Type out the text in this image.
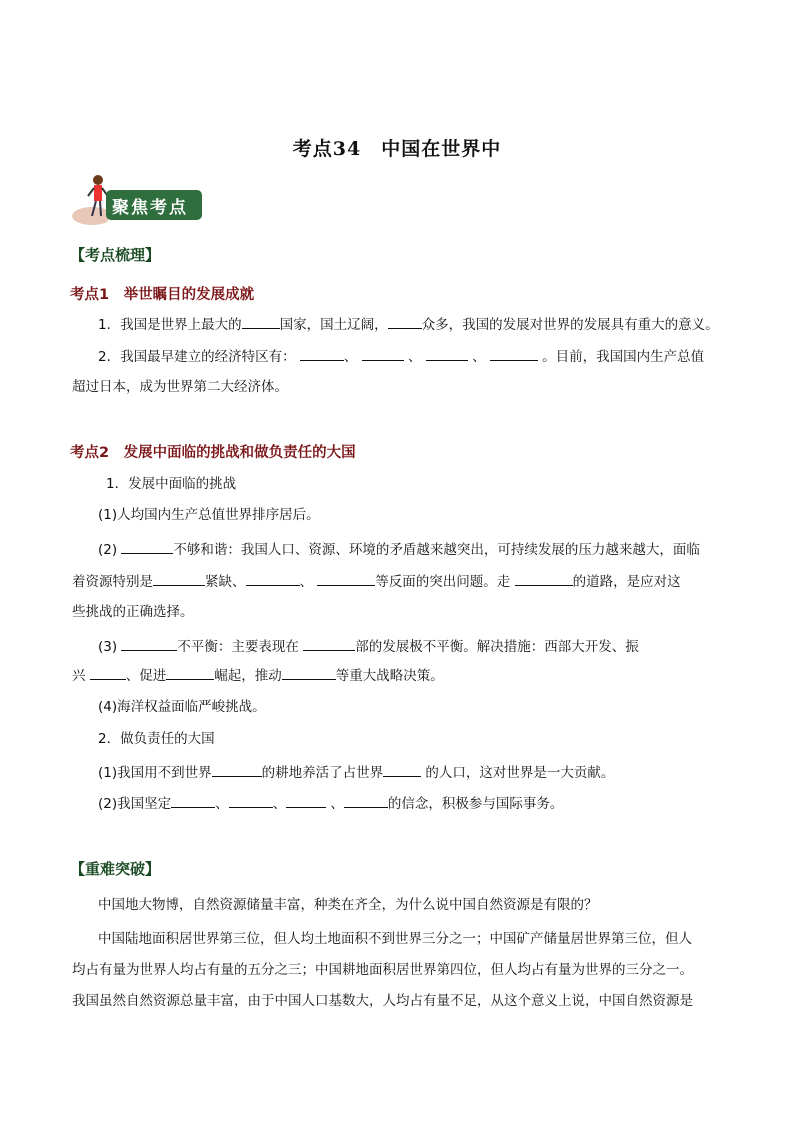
考点34　中国在世界中
聚焦考点
【考点梳理】
考点1　举世瞩目的发展成就
1．我国是世界上最大的	国家，国土辽阔，	众多，我国的发展对世界的发展具有重大的意义。
2．我国最早建立的经济特区有：	、	、	、	。目前，我国国内生产总值
超过日本，成为世界第二大经济体。
考点2　发展中面临的挑战和做负责任的大国
1．发展中面临的挑战
(1)人均国内生产总值世界排序居后。
(2)	不够和谐：我国人口、资源、环境的矛盾越来越突出，可持续发展的压力越来越大，面临
着资源特别是	紧缺、	、	等反面的突出问题。走	的道路，是应对这
些挑战的正确选择。
(3)	不平衡：主要表现在	部的发展极不平衡。解决措施：西部大开发、振
兴	、促进	崛起，推动	等重大战略决策。
(4)海洋权益面临严峻挑战。
2．做负责任的大国
(1)我国用不到世界	的耕地养活了占世界	的人口，这对世界是一大贡献。
(2)我国坚定	、	、	、	的信念，积极参与国际事务。
【重难突破】
中国地大物博，自然资源储量丰富，种类在齐全，为什么说中国自然资源是有限的？
中国陆地面积居世界第三位，但人均土地面积不到世界三分之一；中国矿产储量居世界第三位，但人
均占有量为世界人均占有量的五分之三；中国耕地面积居世界第四位，但人均占有量为世界的三分之一。
我国虽然自然资源总量丰富，由于中国人口基数大，人均占有量不足，从这个意义上说，中国自然资源是
